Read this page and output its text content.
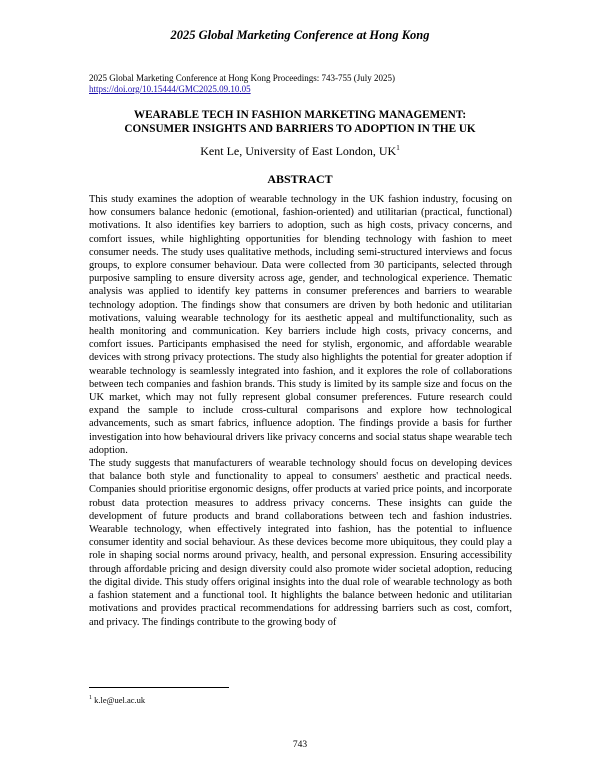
2025 Global Marketing Conference at Hong Kong
2025 Global Marketing Conference at Hong Kong Proceedings: 743-755 (July 2025)
https://doi.org/10.15444/GMC2025.09.10.05
WEARABLE TECH IN FASHION MARKETING MANAGEMENT:
CONSUMER INSIGHTS AND BARRIERS TO ADOPTION IN THE UK
Kent Le, University of East London, $UK^1$
ABSTRACT

This study examines the adoption of wearable technology in the UK fashion industry, focusing on how consumers balance hedonic (emotional, fashion-oriented) and utilitarian (practical, functional) motivations. It also identifies key barriers to adoption, such as high costs, privacy concerns, and comfort issues, while highlighting opportunities for blending technology with fashion to meet consumer needs. The study uses qualitative methods, including semi-structured interviews and focus groups, to explore consumer behaviour. Data were collected from 30 participants, selected through purposive sampling to ensure diversity across age, gender, and technological experience. Thematic analysis was applied to identify key patterns in consumer preferences and barriers to wearable technology adoption. The findings show that consumers are driven by both hedonic and utilitarian motivations, valuing wearable technology for its aesthetic appeal and multifunctionality, such as health monitoring and communication. Key barriers include high costs, privacy concerns, and comfort issues. Participants emphasised the need for stylish, ergonomic, and affordable wearable devices with strong privacy protections. The study also highlights the potential for greater adoption if wearable technology is seamlessly integrated into fashion, and it explores the role of collaborations between tech companies and fashion brands. This study is limited by its sample size and focus on the UK market, which may not fully represent global consumer preferences. Future research could expand the sample to include cross-cultural comparisons and explore how technological advancements, such as smart fabrics, influence adoption. The findings provide a basis for further investigation into how behavioural drivers like privacy concerns and social status shape wearable tech adoption.

The study suggests that manufacturers of wearable technology should focus on developing devices that balance both style and functionality to appeal to consumers' aesthetic and practical needs. Companies should prioritise ergonomic designs, offer products at varied price points, and incorporate robust data protection measures to address privacy concerns. These insights can guide the development of future products and brand collaborations between tech and fashion industries. Wearable technology, when effectively integrated into fashion, has the potential to influence consumer identity and social behaviour. As these devices become more ubiquitous, they could play a role in shaping social norms around privacy, health, and personal expression. Ensuring accessibility through affordable pricing and design diversity could also promote wider societal adoption, reducing the digital divide. This study offers original insights into the dual role of wearable technology as both a fashion statement and a functional tool. It highlights the balance between hedonic and utilitarian motivations and provides practical recommendations for addressing barriers such as cost, comfort, and privacy. The findings contribute to the growing body of

$^1$ k.le@uel.ac.uk
743
